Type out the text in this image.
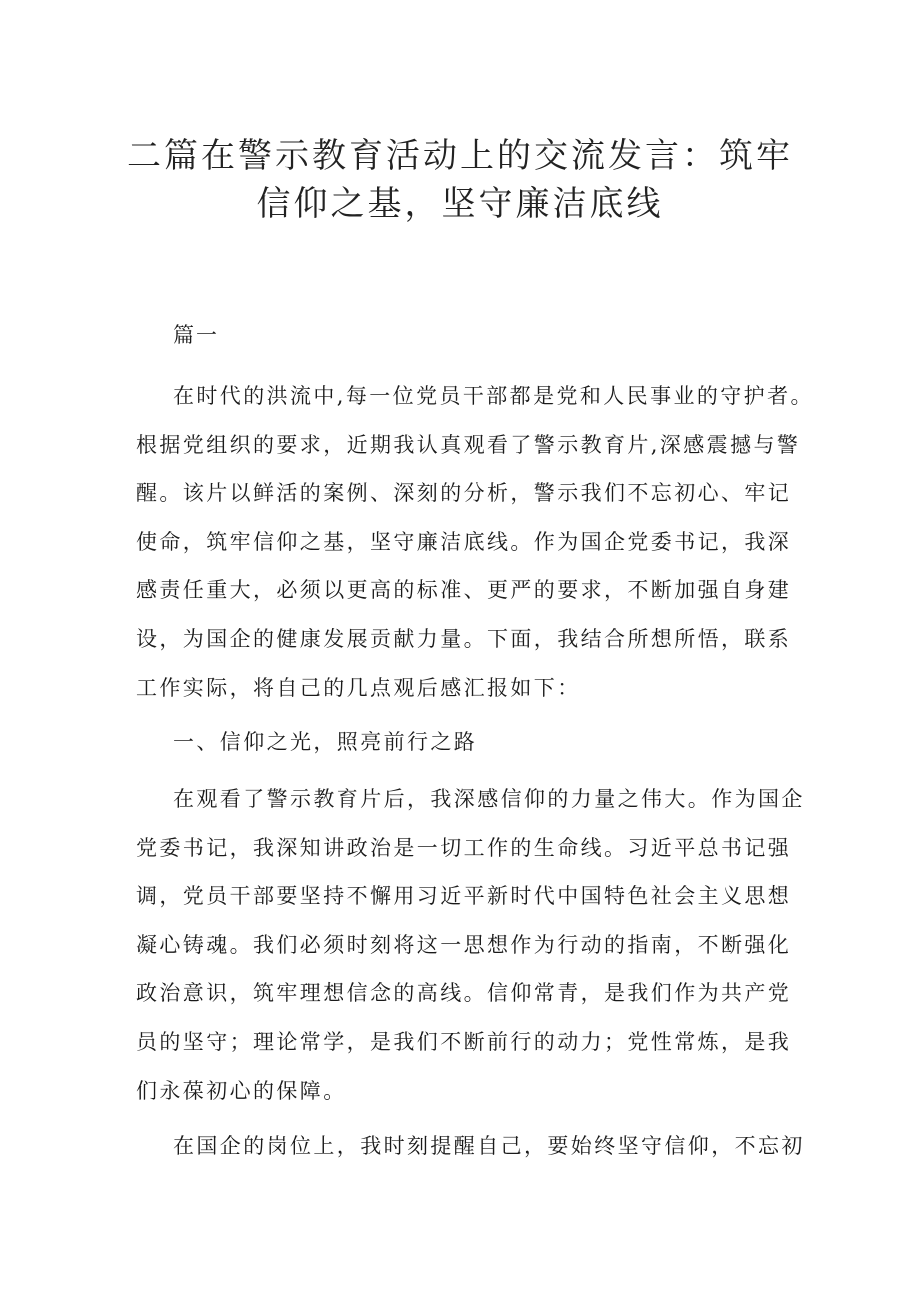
二篇在警示教育活动上的交流发言：筑牢
信仰之基，坚守廉洁底线

篇一

在时代的洪流中,每一位党员干部都是党和人民事业的守护者。
根据党组织的要求，近期我认真观看了警示教育片,深感震撼与警
醒。该片以鲜活的案例、深刻的分析，警示我们不忘初心、牢记
使命，筑牢信仰之基，坚守廉洁底线。作为国企党委书记，我深
感责任重大，必须以更高的标准、更严的要求，不断加强自身建
设，为国企的健康发展贡献力量。下面，我结合所想所悟，联系
工作实际，将自己的几点观后感汇报如下：
一、信仰之光，照亮前行之路
在观看了警示教育片后，我深感信仰的力量之伟大。作为国企
党委书记，我深知讲政治是一切工作的生命线。习近平总书记强
调，党员干部要坚持不懈用习近平新时代中国特色社会主义思想
凝心铸魂。我们必须时刻将这一思想作为行动的指南，不断强化
政治意识，筑牢理想信念的高线。信仰常青，是我们作为共产党
员的坚守；理论常学，是我们不断前行的动力；党性常炼，是我
们永葆初心的保障。
在国企的岗位上，我时刻提醒自己，要始终坚守信仰，不忘初
